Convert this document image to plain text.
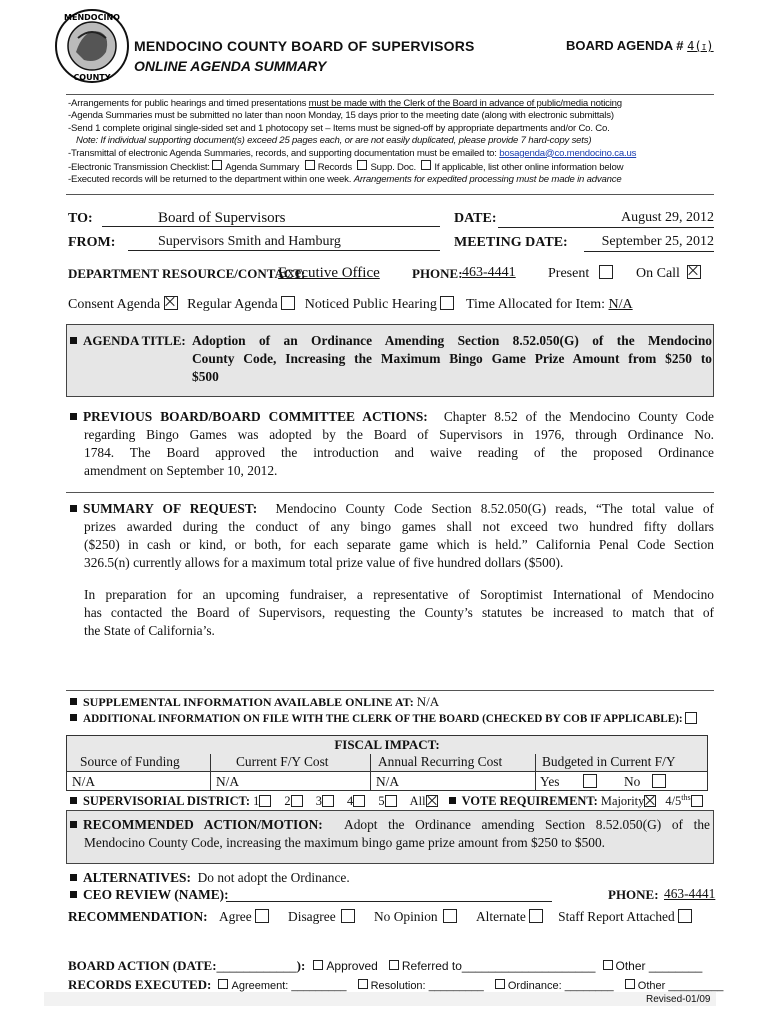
MENDOCINO
COUNTY
MENDOCINO COUNTY BOARD OF SUPERVISORS
ONLINE AGENDA SUMMARY
BOARD AGENDA # 4(i)
-Arrangements for public hearings and timed presentations must be made with the Clerk of the Board in advance of public/media noticing
-Agenda Summaries must be submitted no later than noon Monday, 15 days prior to the meeting date (along with electronic submittals)
-Send 1 complete original single-sided set and 1 photocopy set – Items must be signed-off by appropriate departments and/or Co. Co.
Note: If individual supporting document(s) exceed 25 pages each, or are not easily duplicated, please provide 7 hard-copy sets)
-Transmittal of electronic Agenda Summaries, records, and supporting documentation must be emailed to: bosagenda@co.mendocino.ca.us
-Electronic Transmission Checklist: Agenda Summary Records Supp. Doc. If applicable, list other online information below
-Executed records will be returned to the department within one week. Arrangements for expedited processing must be made in advance
TO:	Board of Supervisors	DATE:	August 29, 2012
FROM:	Supervisors Smith and Hamburg	MEETING DATE:	September 25, 2012
DEPARTMENT RESOURCE/CONTACT:
Executive Office PHONE: 463-4441 Present	On Call
Consent Agenda Regular Agenda Noticed Public Hearing Time Allocated for Item: N/A
AGENDA TITLE: Adoption of an Ordinance Amending Section 8.52.050(G) of the Mendocino
County Code, Increasing the Maximum Bingo Game Prize Amount from $250 to
$500
PREVIOUS BOARD/BOARD COMMITTEE ACTIONS: Chapter 8.52 of the Mendocino County Code
regarding Bingo Games was adopted by the Board of Supervisors in 1976, through Ordinance No.
1784. The Board approved the introduction and waive reading of the proposed Ordinance
amendment on September 10, 2012.
SUMMARY OF REQUEST: Mendocino County Code Section 8.52.050(G) reads, “The total value of
prizes awarded during the conduct of any bingo games shall not exceed two hundred fifty dollars
($250) in cash or kind, or both, for each separate game which is held.” California Penal Code Section
326.5(n) currently allows for a maximum total prize value of five hundred dollars ($500).
In preparation for an upcoming fundraiser, a representative of Soroptimist International of Mendocino
has contacted the Board of Supervisors, requesting the County’s statutes be increased to match that of
the State of California’s.
SUPPLEMENTAL INFORMATION AVAILABLE ONLINE AT: N/A
ADDITIONAL INFORMATION ON FILE WITH THE CLERK OF THE BOARD (CHECKED BY COB IF APPLICABLE):
FISCAL IMPACT:
Source of Funding	Current F/Y Cost	Annual Recurring Cost	Budgeted in Current F/Y
N/A	N/A	N/A	Yes	No
SUPERVISORIAL DISTRICT: 1 2 3 4 5 All	VOTE REQUIREMENT: Majority $4/5^{ths}$
RECOMMENDED ACTION/MOTION: Adopt the Ordinance amending Section 8.52.050(G) of the
Mendocino County Code, increasing the maximum bingo game prize amount from $250 to $500.
ALTERNATIVES: Do not adopt the Ordinance.
CEO REVIEW (NAME):	PHONE: 463-4441
RECOMMENDATION: Agree	Disagree	No Opinion	Alternate Staff Report Attached
BOARD ACTION (DATE:____________): Approved Referred to____________________ Other ________
RECORDS EXECUTED: Agreement: _________ Resolution: _________ Ordinance: ________ Other _________
Revised-01/09
